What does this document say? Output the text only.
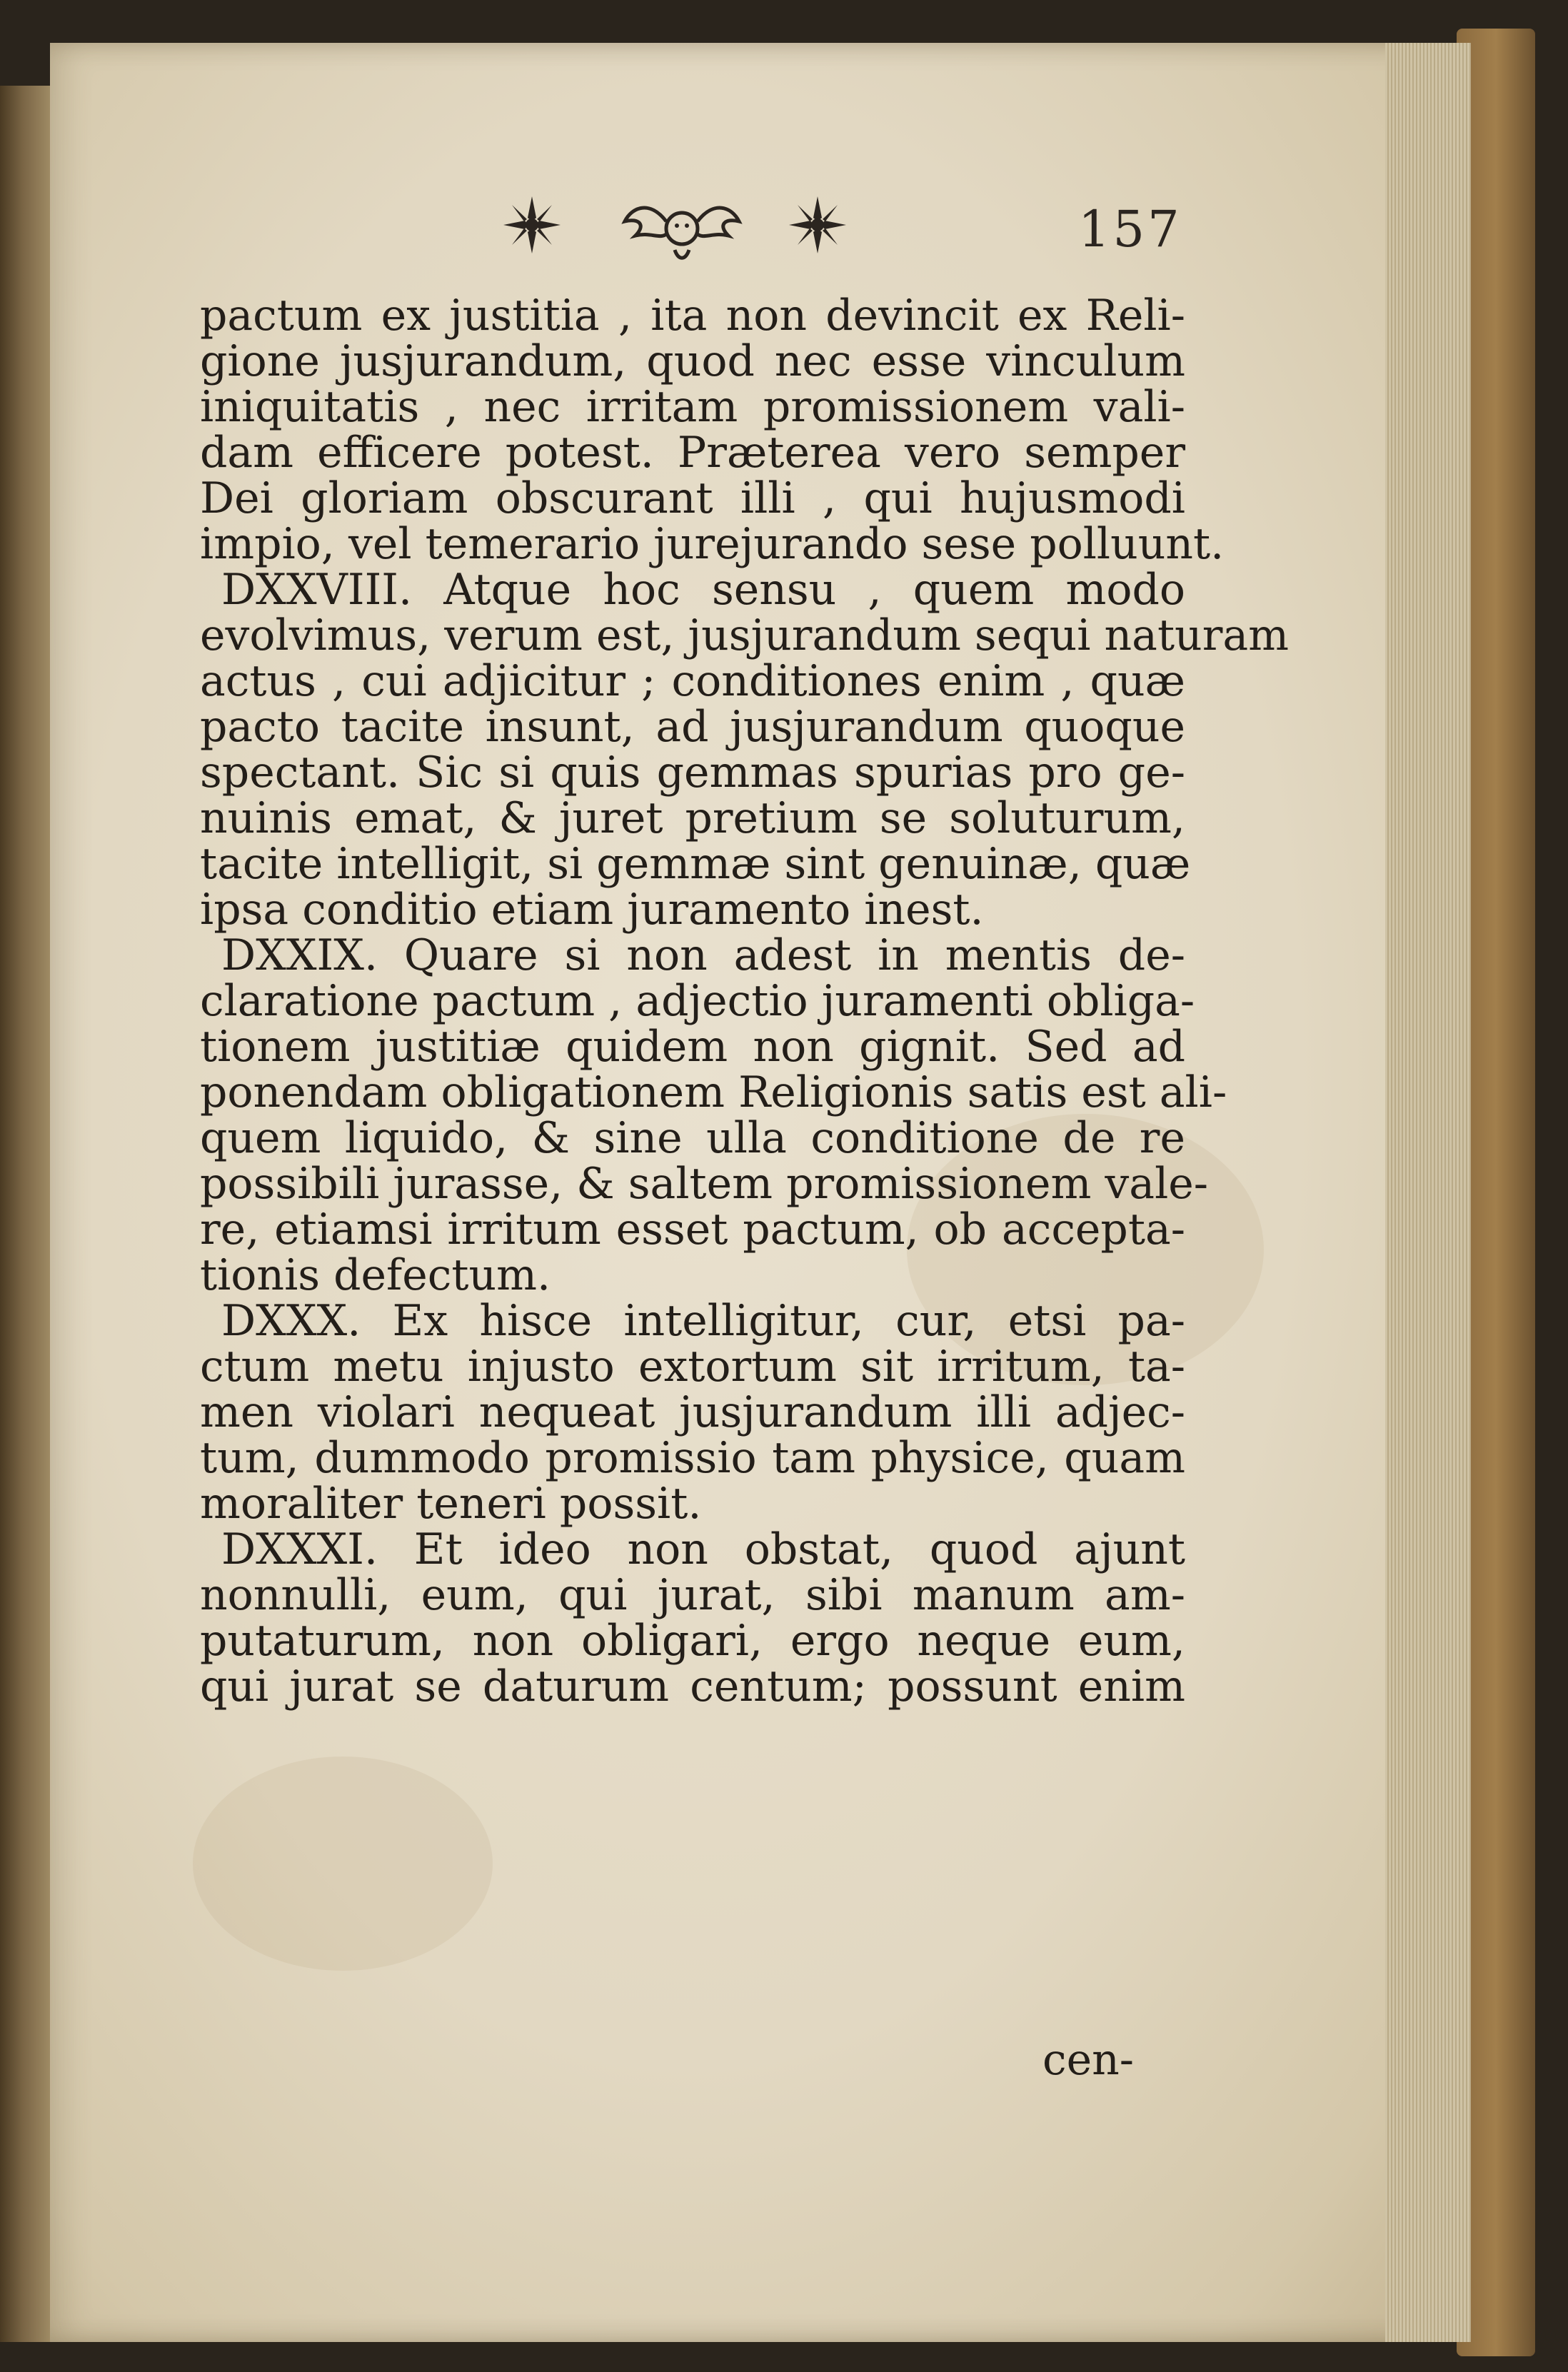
157
pactum ex justitia , ita non devincit ex Reli-
gione jusjurandum, quod nec esse vinculum
iniquitatis , nec irritam promissionem vali-
dam efficere potest. Præterea vero semper
Dei gloriam obscurant illi , qui hujusmodi
impio, vel temerario jurejurando sese polluunt.
DXXVIII. Atque hoc sensu , quem modo
evolvimus, verum est, jusjurandum sequi naturam
actus , cui adjicitur ; conditiones enim , quæ
pacto tacite insunt, ad jusjurandum quoque
spectant. Sic si quis gemmas spurias pro ge-
nuinis emat, & juret pretium se soluturum,
tacite intelligit, si gemmæ sint genuinæ, quæ
ipsa conditio etiam juramento inest.
DXXIX. Quare si non adest in mentis de-
claratione pactum , adjectio juramenti obliga-
tionem justitiæ quidem non gignit. Sed ad
ponendam obligationem Religionis satis est ali-
quem liquido, & sine ulla conditione de re
possibili jurasse, & saltem promissionem vale-
re, etiamsi irritum esset pactum, ob accepta-
tionis defectum.
DXXX. Ex hisce intelligitur, cur, etsi pa-
ctum metu injusto extortum sit irritum, ta-
men violari nequeat jusjurandum illi adjec-
tum, dummodo promissio tam physice, quam
moraliter teneri possit.
DXXXI. Et ideo non obstat, quod ajunt
nonnulli, eum, qui jurat, sibi manum am-
putaturum, non obligari, ergo neque eum,
qui jurat se daturum centum; possunt enim
cen-
